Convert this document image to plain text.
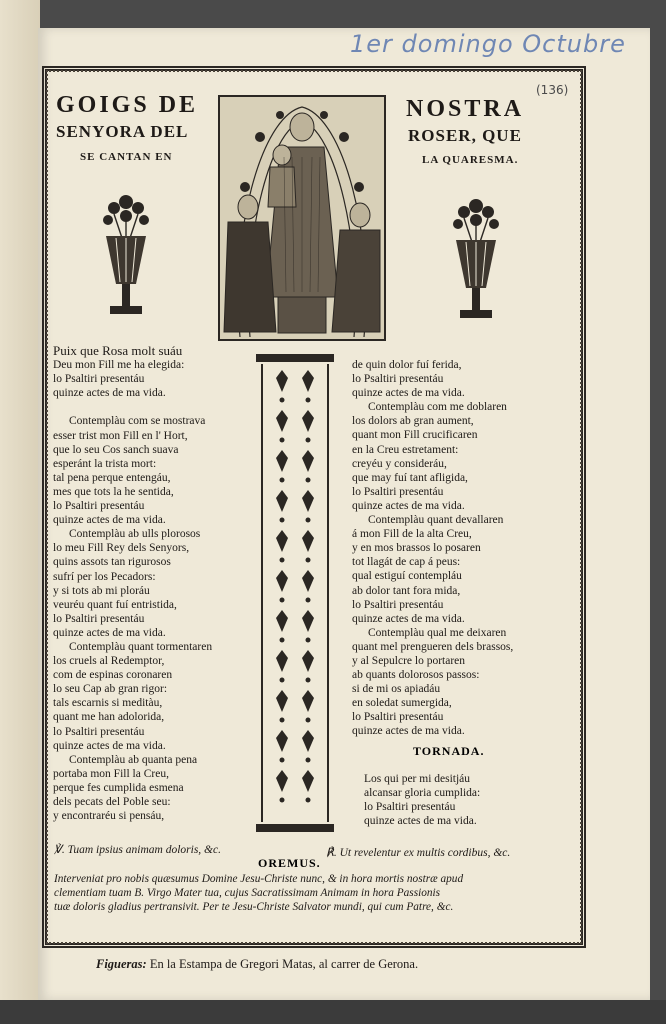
1er domingo Octubre
(136)
GOIGS DE	NOSTRA
SENYORA DEL	ROSER, QUE
SE CANTAN EN	LA QUARESMA.
Puix que Rosa molt suáu
Deu mon Fill me ha elegida:
lo Psaltiri presentáu
quinze actes de ma vida.
Contemplàu com se mostrava
esser trist mon Fill en l' Hort,
que lo seu Cos sanch suava
esperánt la trista mort:
tal pena perque entengáu,
mes que tots la he sentida,
lo Psaltiri presentáu
quinze actes de ma vida.
Contemplàu ab ulls plorosos
lo meu Fill Rey dels Senyors,
quins assots tan rigurosos
sufrí per los Pecadors:
y si tots ab mi ploráu
veuréu quant fuí entristida,
lo Psaltiri presentáu
quinze actes de ma vida.
Contemplàu quant tormentaren
los cruels al Redemptor,
com de espinas coronaren
lo seu Cap ab gran rigor:
tals escarnis si meditàu,
quant me han adolorida,
lo Psaltiri presentáu
quinze actes de ma vida.
Contemplàu ab quanta pena
portaba mon Fill la Creu,
perque fes cumplida esmena
dels pecats del Poble seu:
y encontraréu si pensáu,
de quin dolor fuí ferida,
lo Psaltiri presentáu
quinze actes de ma vida.
Contemplàu com me doblaren
los dolors ab gran aument,
quant mon Fill crucificaren
en la Creu estretament:
creyéu y consideráu,
que may fuí tant afligida,
lo Psaltiri presentáu
quinze actes de ma vida.
Contemplàu quant devallaren
á mon Fill de la alta Creu,
y en mos brassos lo posaren
tot llagát de cap á peus:
qual estiguí contempláu
ab dolor tant fora mida,
lo Psaltiri presentáu
quinze actes de ma vida.
Contemplàu qual me deixaren
quant mel prengueren dels brassos,
y al Sepulcre lo portaren
ab quants dolorosos passos:
si de mi os apiadáu
en soledat sumergida,
lo Psaltiri presentáu
quinze actes de ma vida.
TORNADA.
Los qui per mi desitjáu
alcansar gloria cumplida:
lo Psaltiri presentáu
quinze actes de ma vida.
℣. Tuam ipsius animam doloris, &c.	℟. Ut revelentur ex multis cordibus, &c.
OREMUS.
Interveniat pro nobis quæsumus Domine Jesu-Christe nunc, & in hora mortis nostræ apud
clementiam tuam B. Virgo Mater tua, cujus Sacratissimam Animam in hora Passionis
tuæ doloris gladius pertransivit. Per te Jesu-Christe Salvator mundi, qui cum Patre, &c.
Figueras: En la Estampa de Gregori Matas, al carrer de Gerona.
